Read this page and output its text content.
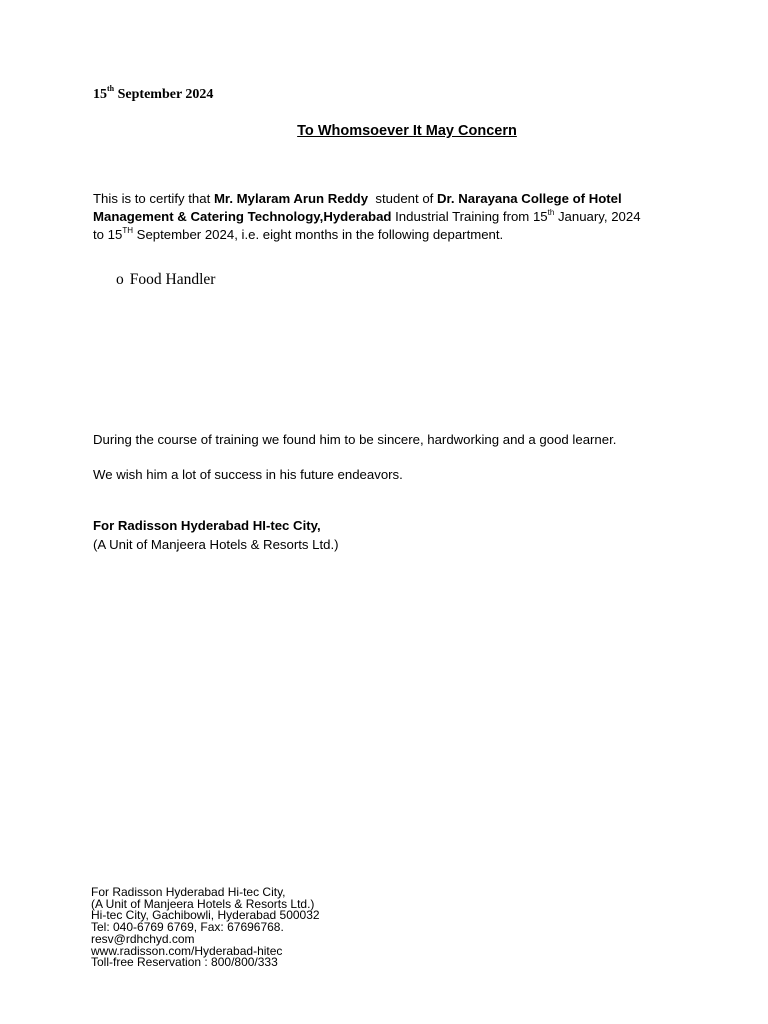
15th September 2024
To Whomsoever It May Concern
This is to certify that Mr. Mylaram Arun Reddy  student of Dr. Narayana College of Hotel
Management & Catering Technology,Hyderabad Industrial Training from 15th January, 2024
to 15TH September 2024, i.e. eight months in the following department.
o Food Handler
During the course of training we found him to be sincere, hardworking and a good learner.
We wish him a lot of success in his future endeavors.
For Radisson Hyderabad HI-tec City,
(A Unit of Manjeera Hotels & Resorts Ltd.)
For Radisson Hyderabad Hi-tec City,
(A Unit of Manjeera Hotels & Resorts Ltd.)
Hi-tec City, Gachibowli, Hyderabad 500032
Tel: 040-6769 6769, Fax: 67696768.
resv@rdhchyd.com
www.radisson.com/Hyderabad-hitec
Toll-free Reservation : 800/800/333
